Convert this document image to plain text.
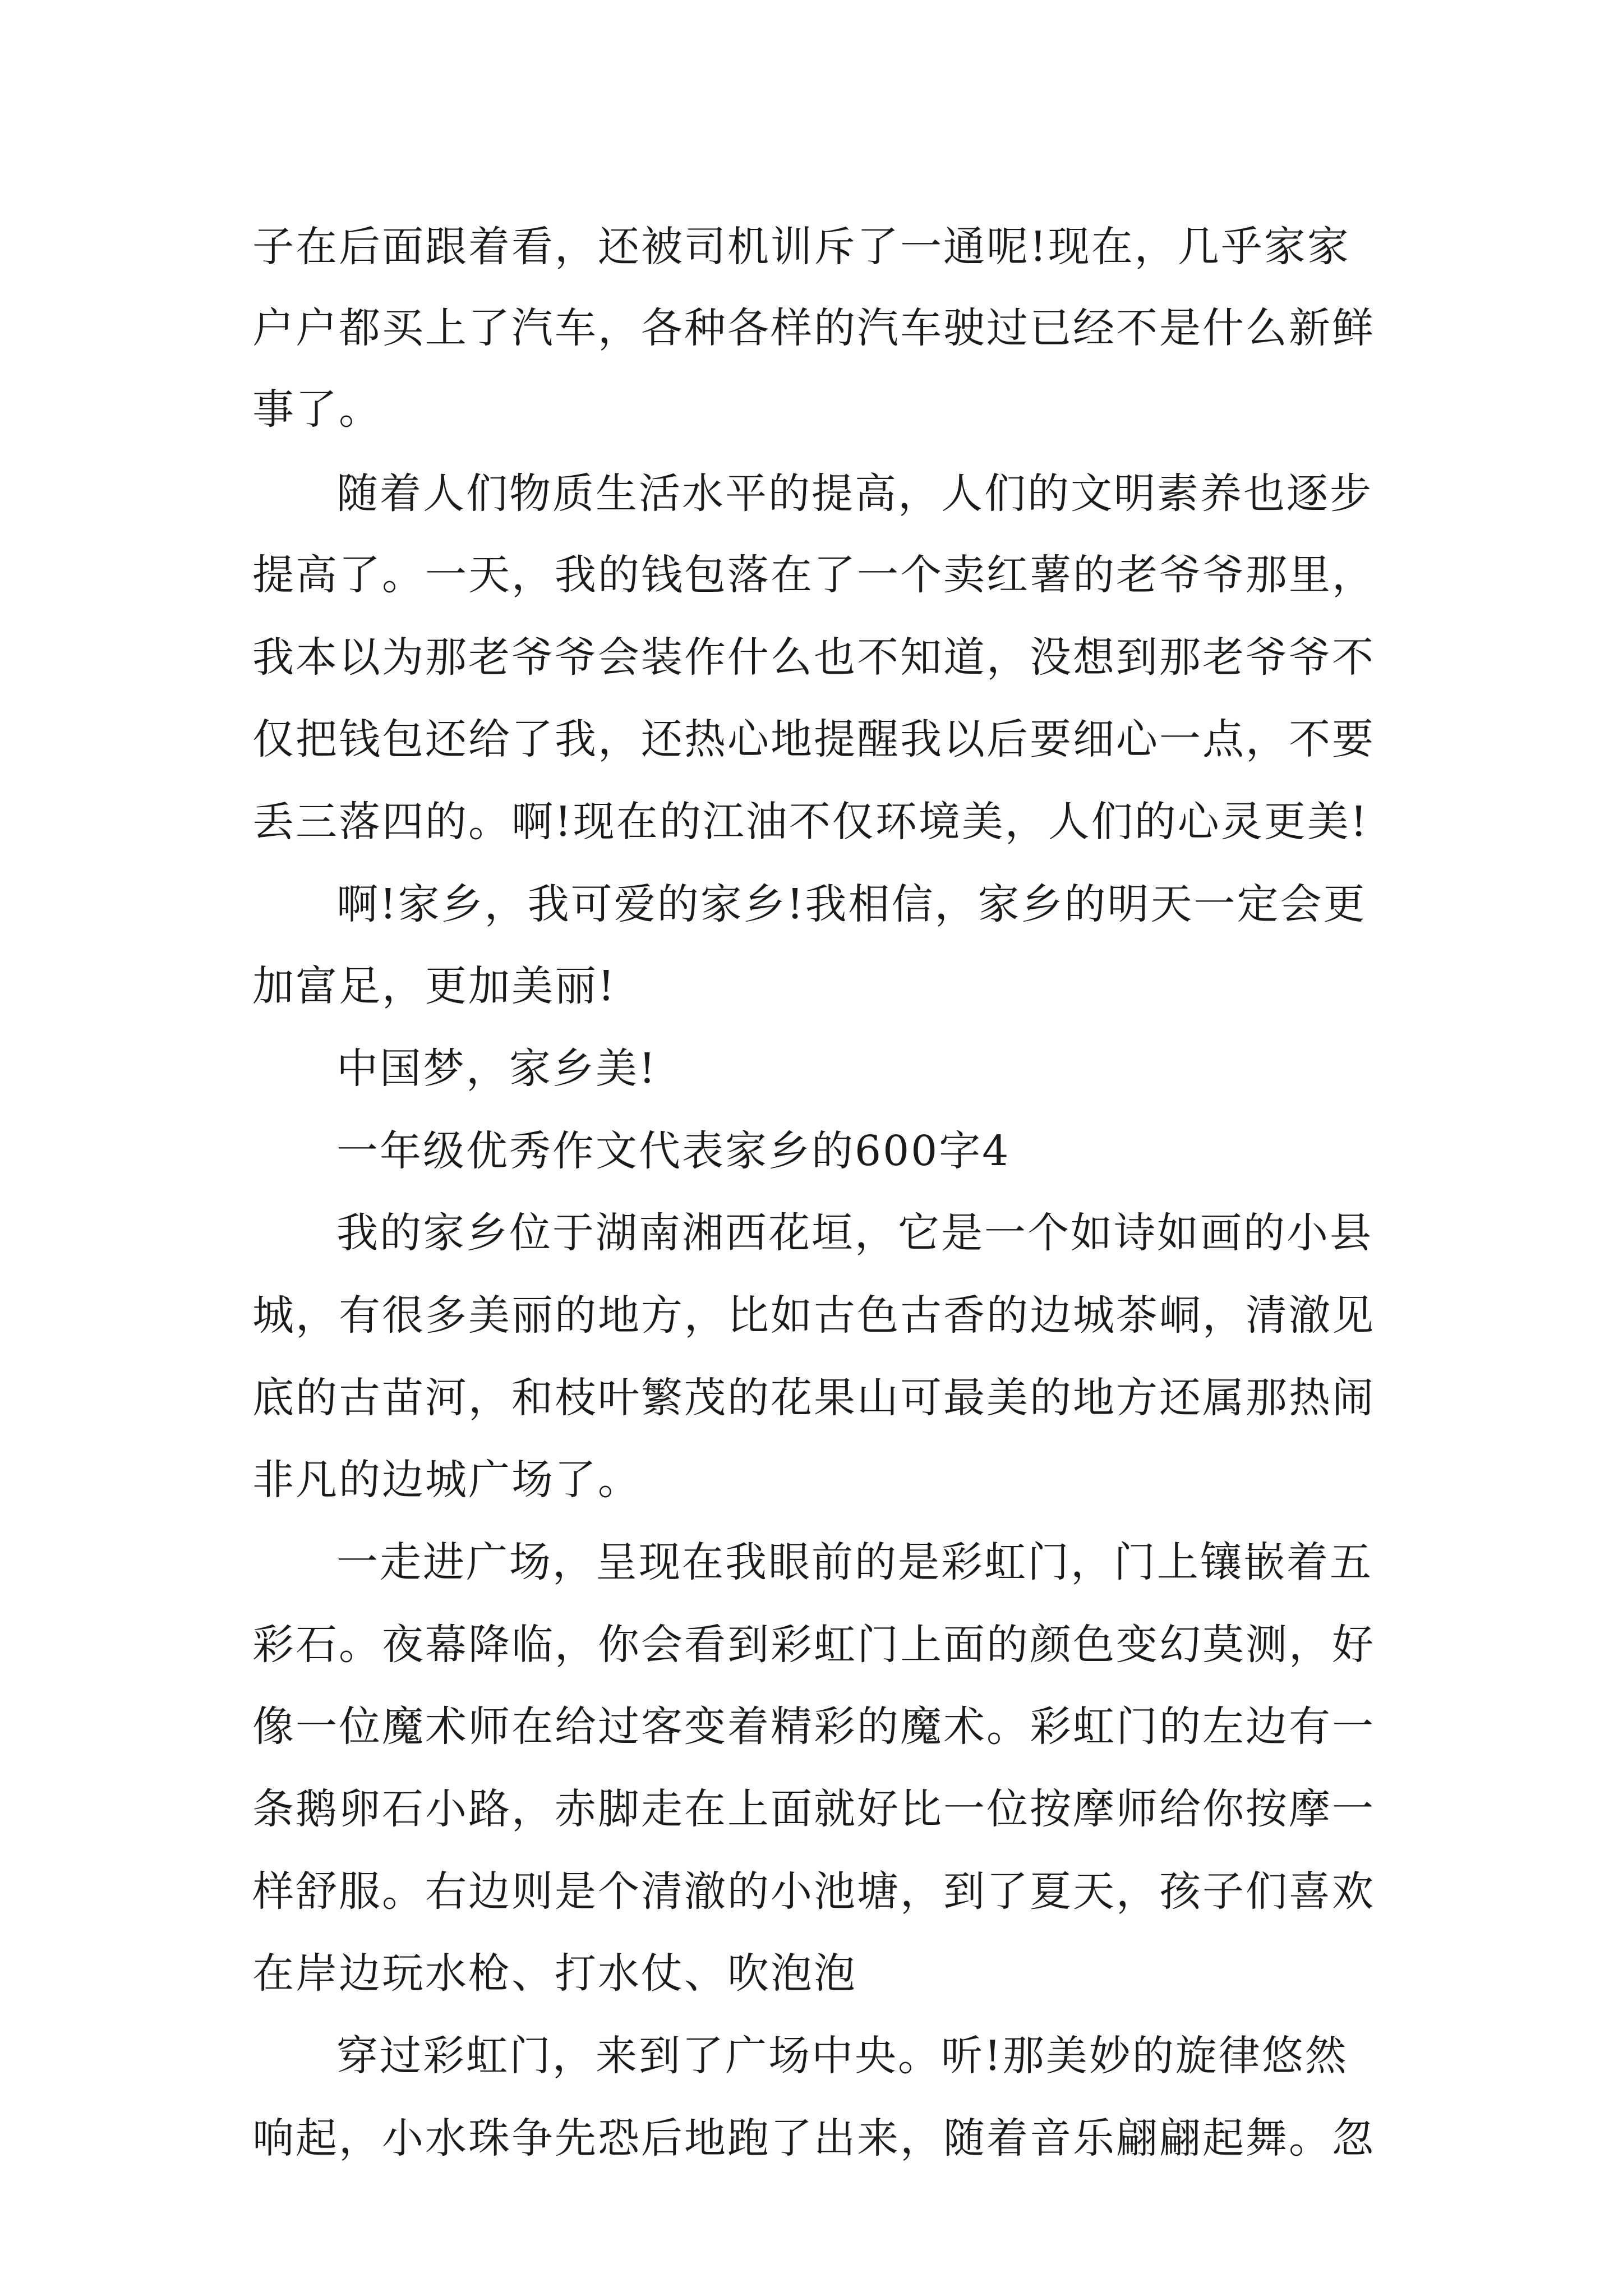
子在后面跟着看，还被司机训斥了一通呢!现在，几乎家家
户户都买上了汽车，各种各样的汽车驶过已经不是什么新鲜
事了。
随着人们物质生活水平的提高，人们的文明素养也逐步
提高了。一天，我的钱包落在了一个卖红薯的老爷爷那里，
我本以为那老爷爷会装作什么也不知道，没想到那老爷爷不
仅把钱包还给了我，还热心地提醒我以后要细心一点，不要
丢三落四的。啊!现在的江油不仅环境美，人们的心灵更美!
啊!家乡，我可爱的家乡!我相信，家乡的明天一定会更
加富足，更加美丽!
中国梦，家乡美!
一年级优秀作文代表家乡的600字4
我的家乡位于湖南湘西花垣，它是一个如诗如画的小县
城，有很多美丽的地方，比如古色古香的边城茶峒，清澈见
底的古苗河，和枝叶繁茂的花果山可最美的地方还属那热闹
非凡的边城广场了。
一走进广场，呈现在我眼前的是彩虹门，门上镶嵌着五
彩石。夜幕降临，你会看到彩虹门上面的颜色变幻莫测，好
像一位魔术师在给过客变着精彩的魔术。彩虹门的左边有一
条鹅卵石小路，赤脚走在上面就好比一位按摩师给你按摩一
样舒服。右边则是个清澈的小池塘，到了夏天，孩子们喜欢
在岸边玩水枪、打水仗、吹泡泡
穿过彩虹门，来到了广场中央。听!那美妙的旋律悠然
响起，小水珠争先恐后地跑了出来，随着音乐翩翩起舞。忽
